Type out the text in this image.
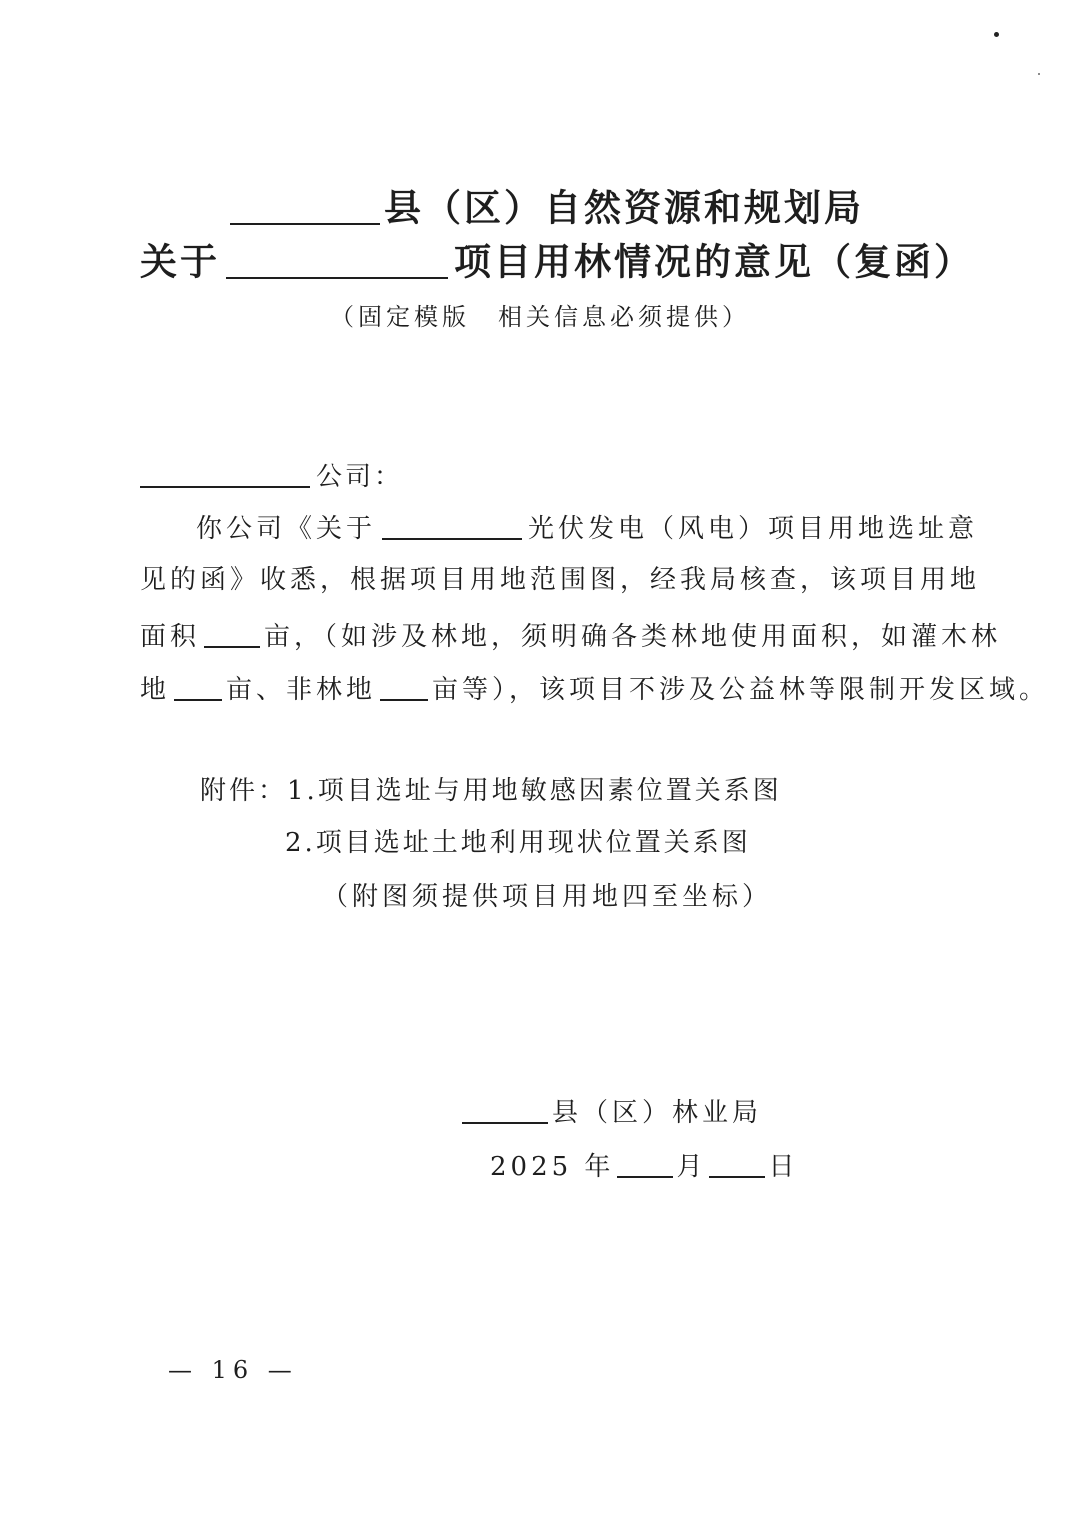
县（区）自然资源和规划局
关于	项目用林情况的意见（复函）
（固定模版　相关信息必须提供）
公司：
你公司《关于	光伏发电（风电）项目用地选址意
见的函》收悉，根据项目用地范围图，经我局核查，该项目用地
面积 亩，（如涉及林地，须明确各类林地使用面积，如灌木林
地 亩、非林地 亩等），该项目不涉及公益林等限制开发区域。
附件：1.项目选址与用地敏感因素位置关系图
2.项目选址土地利用现状位置关系图
（附图须提供项目用地四至坐标）
县（区）林业局
2025 年 月 日
— 16 —
